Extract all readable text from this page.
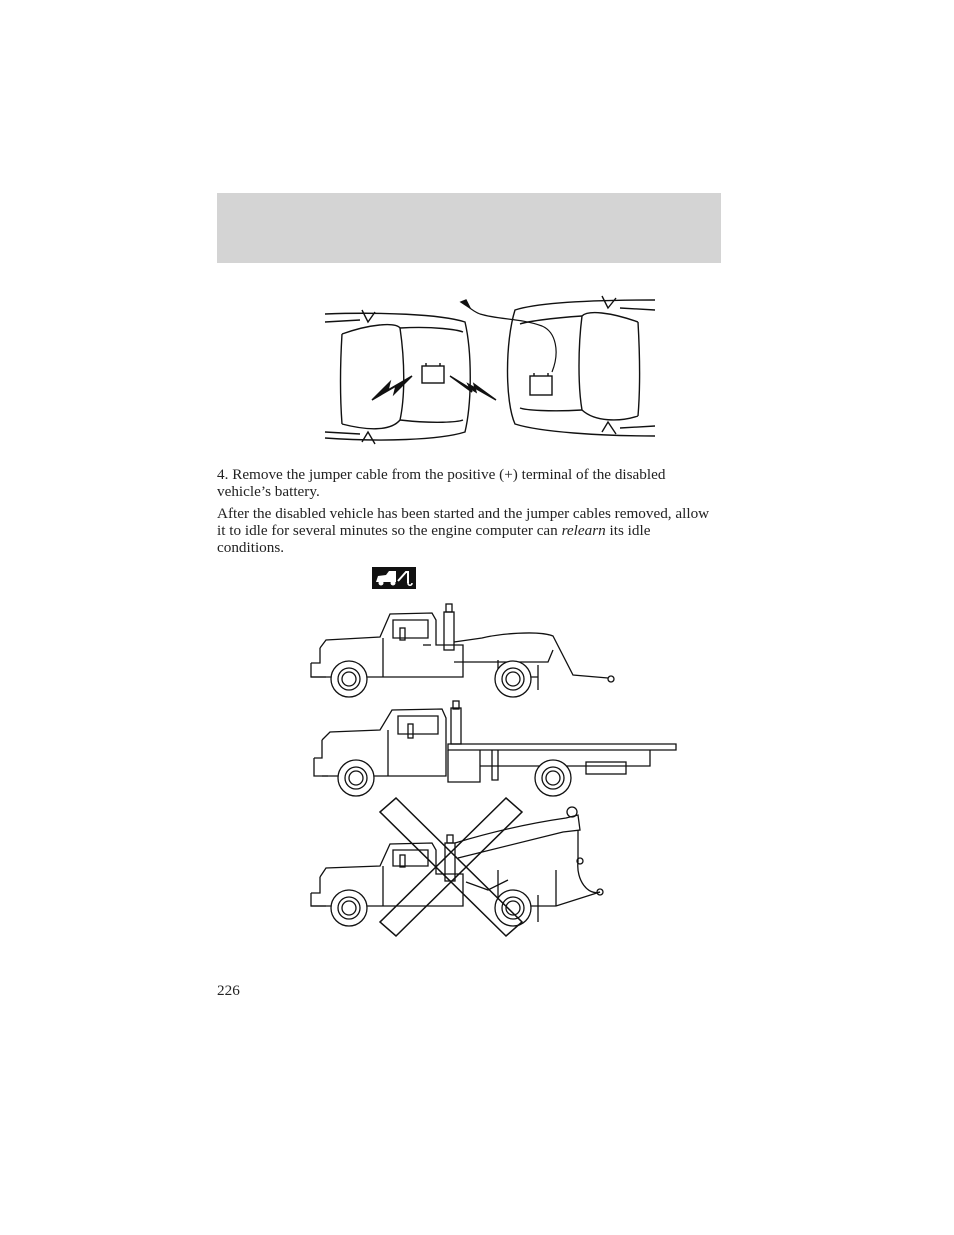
4. Remove the jumper cable from the positive (+) terminal of the disabled vehicle’s battery.

After the disabled vehicle has been started and the jumper cables removed, allow it to idle for several minutes so the engine computer can relearn its idle conditions.

226
